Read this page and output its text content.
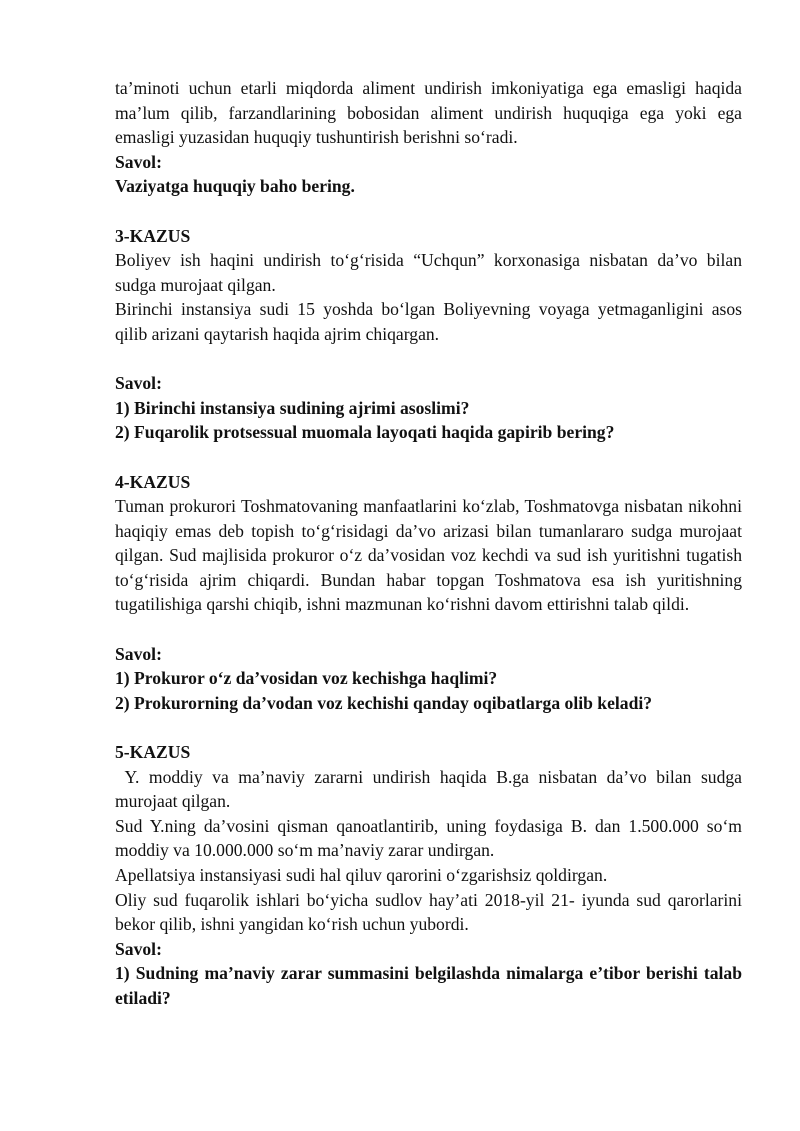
ta’minoti uchun etarli miqdorda aliment undirish imkoniyatiga ega emasligi haqida ma’lum qilib, farzandlarining bobosidan aliment undirish huquqiga ega yoki ega emasligi yuzasidan huquqiy tushuntirish berishni so‘radi.

Savol:

Vaziyatga huquqiy baho bering.

3-KAZUS

Boliyev ish haqini undirish to‘g‘risida “Uchqun” korxonasiga nisbatan da’vo bilan sudga murojaat qilgan.

Birinchi instansiya sudi 15 yoshda bo‘lgan Boliyevning voyaga yetmaganligini asos qilib arizani qaytarish haqida ajrim chiqargan.

Savol:

1) Birinchi instansiya sudining ajrimi asoslimi?

2) Fuqarolik protsessual muomala layoqati haqida gapirib bering?

4-KAZUS

Tuman prokurori Toshmatovaning manfaatlarini ko‘zlab, Toshmatovga nisbatan nikohni haqiqiy emas deb topish to‘g‘risidagi da’vo arizasi bilan tumanlararo sudga murojaat qilgan. Sud majlisida prokuror o‘z da’vosidan voz kechdi va sud ish yuritishni tugatish to‘g‘risida ajrim chiqardi. Bundan habar topgan Toshmatova esa ish yuritishning tugatilishiga qarshi chiqib, ishni mazmunan ko‘rishni davom ettirishni talab qildi.

Savol:

1) Prokuror o‘z da’vosidan voz kechishga haqlimi?

2) Prokurorning da’vodan voz kechishi qanday oqibatlarga olib keladi?

5-KAZUS

Y. moddiy va ma’naviy zararni undirish haqida B.ga nisbatan da’vo bilan sudga murojaat qilgan.

Sud Y.ning da’vosini qisman qanoatlantirib, uning foydasiga B. dan 1.500.000 so‘m moddiy va 10.000.000 so‘m ma’naviy zarar undirgan.

Apellatsiya instansiyasi sudi hal qiluv qarorini o‘zgarishsiz qoldirgan.

Oliy sud fuqarolik ishlari bo‘yicha sudlov hay’ati 2018-yil 21- iyunda sud qarorlarini bekor qilib, ishni yangidan ko‘rish uchun yubordi.

Savol:

1) Sudning ma’naviy zarar summasini belgilashda nimalarga e’tibor berishi talab etiladi?
